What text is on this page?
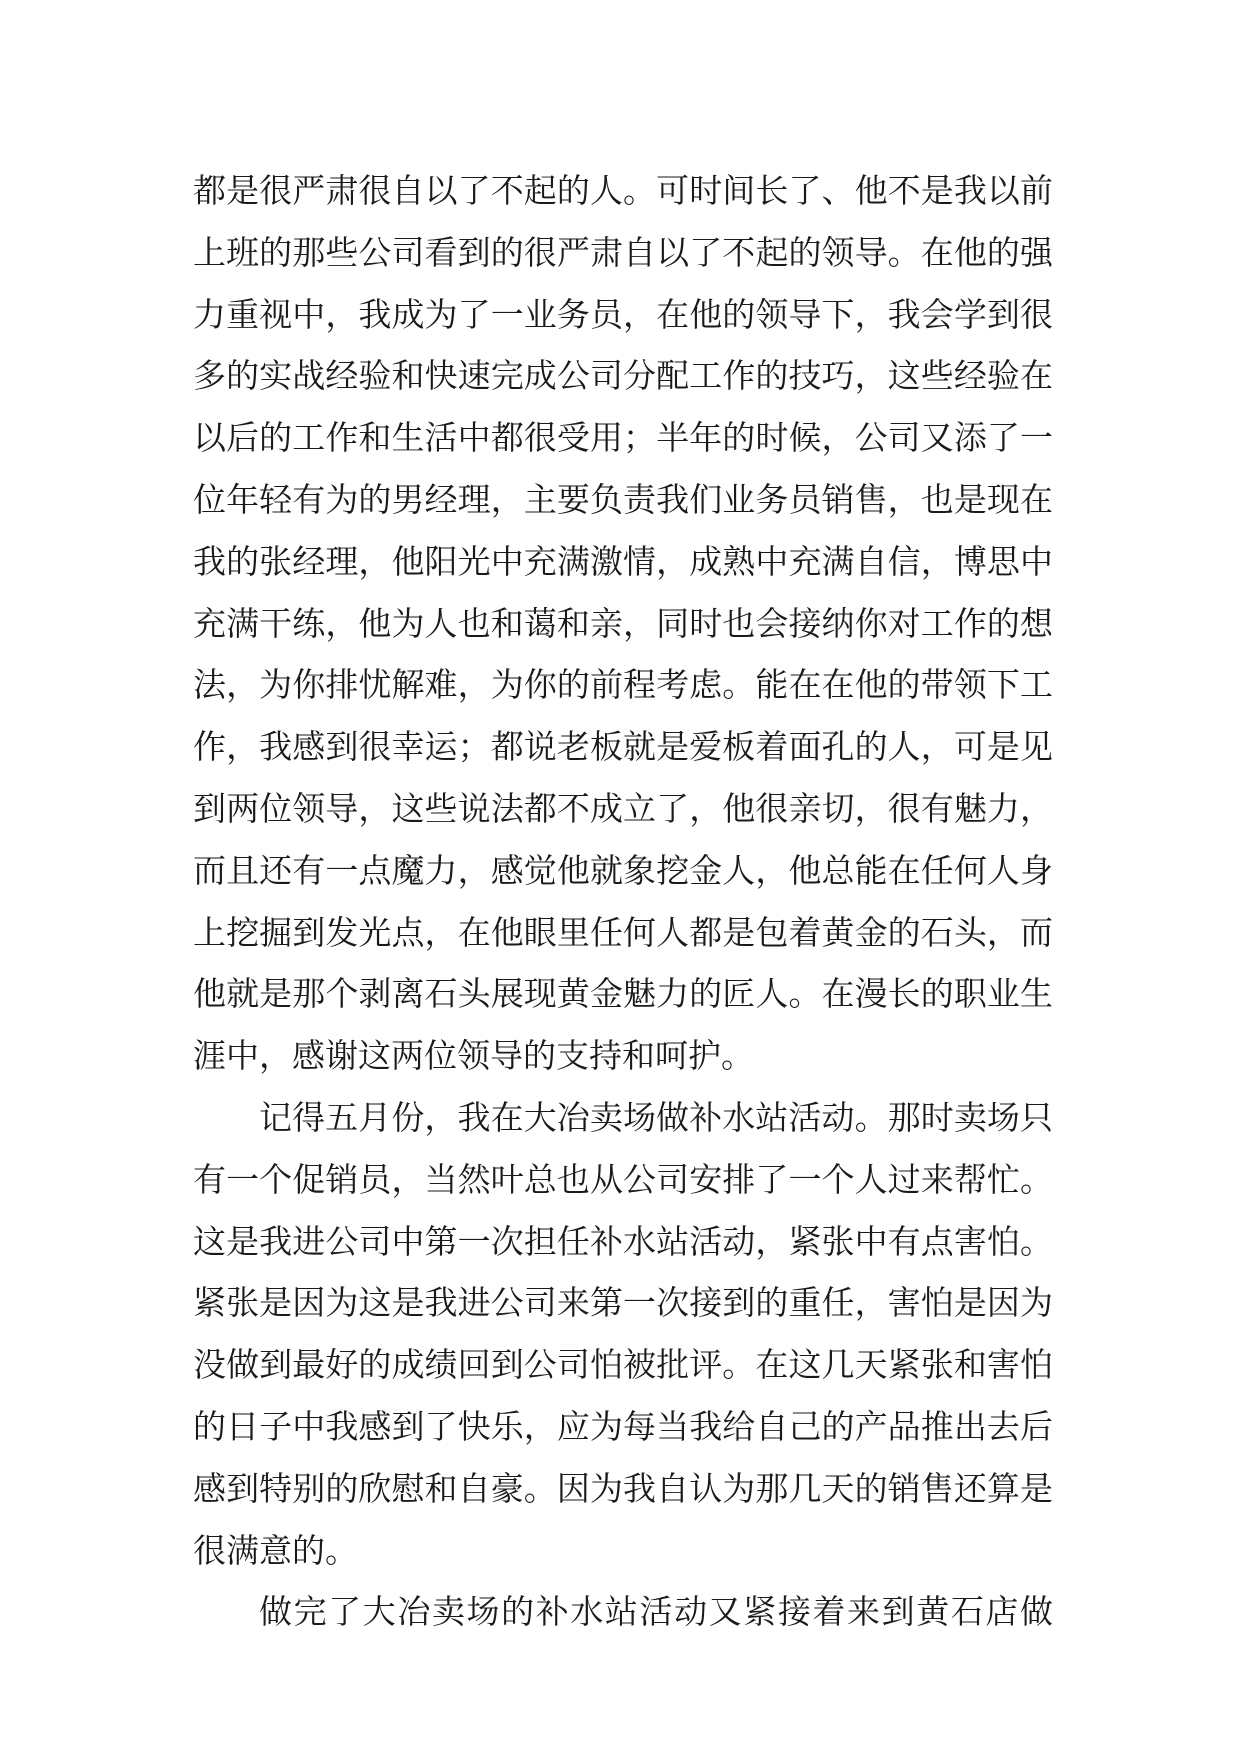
都是很严肃很自以了不起的人。可时间长了、他不是我以前
上班的那些公司看到的很严肃自以了不起的领导。在他的强
力重视中，我成为了一业务员，在他的领导下，我会学到很
多的实战经验和快速完成公司分配工作的技巧，这些经验在
以后的工作和生活中都很受用；半年的时候，公司又添了一
位年轻有为的男经理，主要负责我们业务员销售，也是现在
我的张经理，他阳光中充满激情，成熟中充满自信，博思中
充满干练，他为人也和蔼和亲，同时也会接纳你对工作的想
法，为你排忧解难，为你的前程考虑。能在在他的带领下工
作，我感到很幸运；都说老板就是爱板着面孔的人，可是见
到两位领导，这些说法都不成立了，他很亲切，很有魅力，
而且还有一点魔力，感觉他就象挖金人，他总能在任何人身
上挖掘到发光点，在他眼里任何人都是包着黄金的石头，而
他就是那个剥离石头展现黄金魅力的匠人。在漫长的职业生
涯中，感谢这两位领导的支持和呵护。
记得五月份，我在大冶卖场做补水站活动。那时卖场只
有一个促销员，当然叶总也从公司安排了一个人过来帮忙。
这是我进公司中第一次担任补水站活动，紧张中有点害怕。
紧张是因为这是我进公司来第一次接到的重任，害怕是因为
没做到最好的成绩回到公司怕被批评。在这几天紧张和害怕
的日子中我感到了快乐，应为每当我给自己的产品推出去后
感到特别的欣慰和自豪。因为我自认为那几天的销售还算是
很满意的。
做完了大冶卖场的补水站活动又紧接着来到黄石店做
